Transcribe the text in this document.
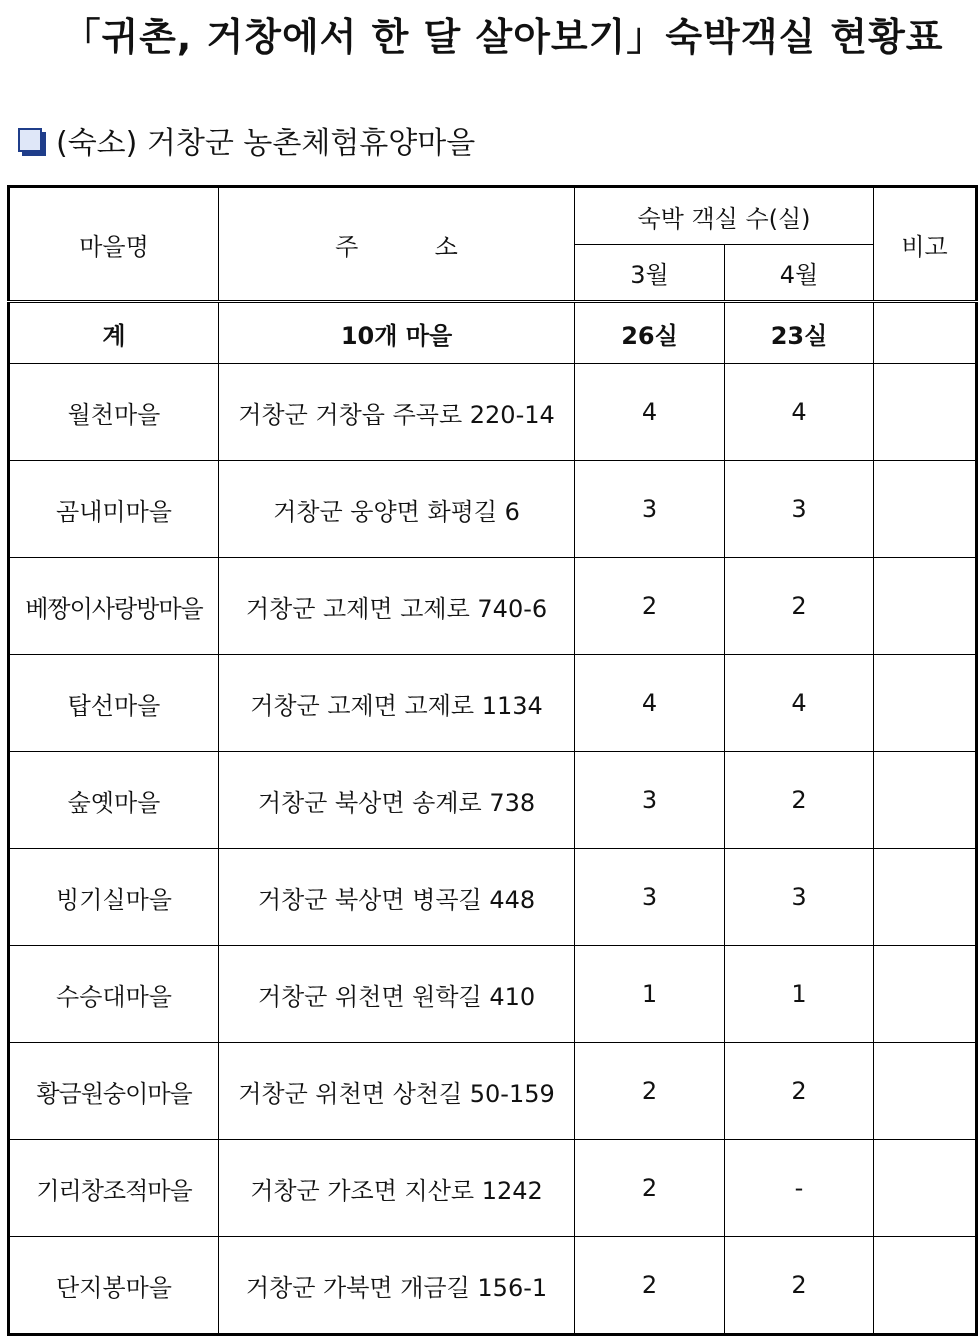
「귀촌, 거창에서 한 달 살아보기」숙박객실 현황표
(숙소) 거창군 농촌체험휴양마을
마을명	주          소	숙박 객실 수(실)		비고
		3월	4월	
계	10개 마을	26실	23실	
월천마을	거창군 거창읍 주곡로 220-14	4	4	
곰내미마을	거창군 웅양면 화평길 6	3	3	
베짱이사랑방마을	거창군 고제면 고제로 740-6	2	2	
탑선마을	거창군 고제면 고제로 1134	4	4	
숲옛마을	거창군 북상면 송계로 738	3	2	
빙기실마을	거창군 북상면 병곡길 448	3	3	
수승대마을	거창군 위천면 원학길 410	1	1	
황금원숭이마을	거창군 위천면 상천길 50-159	2	2	
기리창조적마을	거창군 가조면 지산로 1242	2	-	
단지봉마을	거창군 가북면 개금길 156-1	2	2	
